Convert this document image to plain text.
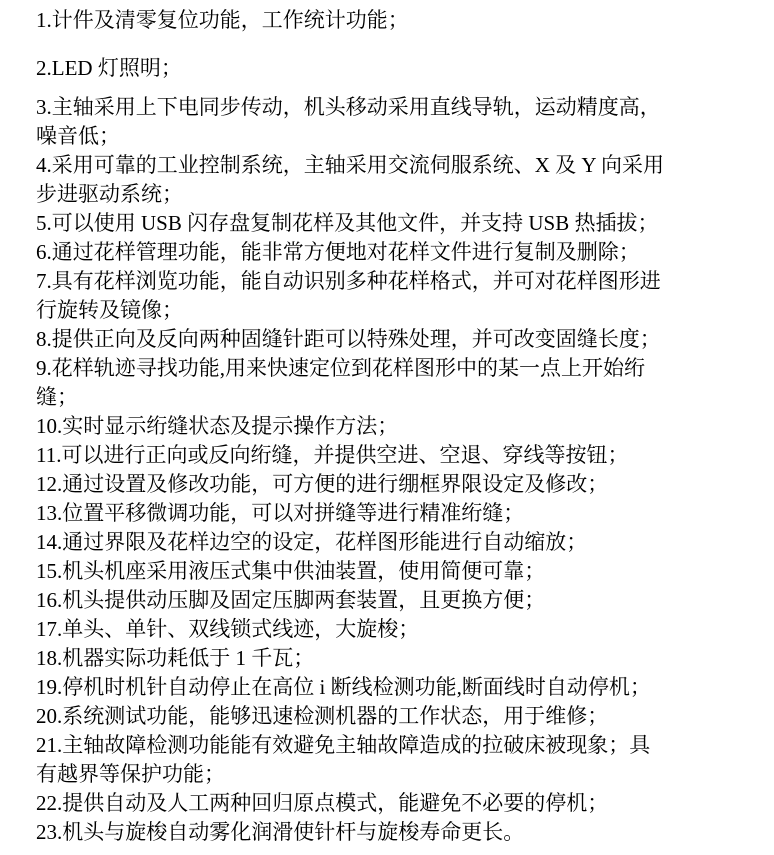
1.计件及清零复位功能，工作统计功能；

2.LED 灯照明；

3.主轴采用上下电同步传动，机头移动采用直线导轨，运动精度高，
噪音低；

4.采用可靠的工业控制系统，主轴采用交流伺服系统、X 及 Y 向采用
步进驱动系统；

5.可以使用 USB 闪存盘复制花样及其他文件，并支持 USB 热插拔；

6.通过花样管理功能，能非常方便地对花样文件进行复制及删除；

7.具有花样浏览功能，能自动识别多种花样格式，并可对花样图形进
行旋转及镜像；

8.提供正向及反向两种固缝针距可以特殊处理，并可改变固缝长度；

9.花样轨迹寻找功能,用来快速定位到花样图形中的某一点上开始绗
缝；

10.实时显示绗缝状态及提示操作方法；

11.可以进行正向或反向绗缝，并提供空进、空退、穿线等按钮；

12.通过设置及修改功能，可方便的进行绷框界限设定及修改；

13.位置平移微调功能，可以对拼缝等进行精准绗缝；

14.通过界限及花样边空的设定，花样图形能进行自动缩放；

15.机头机座采用液压式集中供油装置，使用简便可靠；

16.机头提供动压脚及固定压脚两套装置，且更换方便；

17.单头、单针、双线锁式线迹，大旋梭；

18.机器实际功耗低于 1 千瓦；

19.停机时机针自动停止在高位 i 断线检测功能,断面线时自动停机；

20.系统测试功能，能够迅速检测机器的工作状态，用于维修；

21.主轴故障检测功能能有效避免主轴故障造成的拉破床被现象；具
有越界等保护功能；

22.提供自动及人工两种回归原点模式，能避免不必要的停机；

23.机头与旋梭自动雾化润滑使针杆与旋梭寿命更长。
